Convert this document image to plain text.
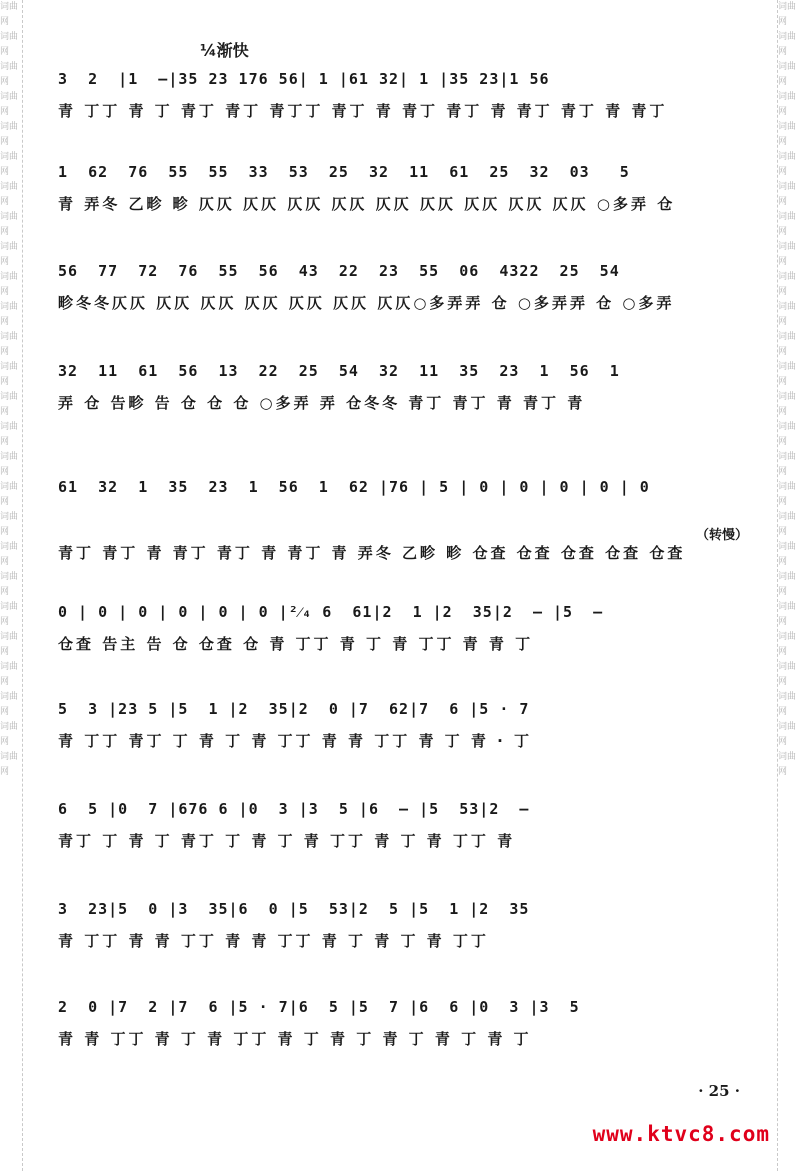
词曲网
词曲网
词曲网
词曲网
词曲网
词曲网
词曲网
词曲网
词曲网
词曲网
词曲网
词曲网
词曲网
词曲网
词曲网
词曲网
词曲网
词曲网
词曲网
词曲网
词曲网
词曲网
词曲网
词曲网
词曲网
词曲网
词曲网
词曲网
词曲网
词曲网
词曲网
词曲网
词曲网
词曲网
词曲网
词曲网
词曲网
词曲网
词曲网
词曲网
词曲网
词曲网
词曲网
词曲网
词曲网
词曲网
词曲网
词曲网
词曲网
词曲网
词曲网
词曲网
¼渐快
3  2  |1  —|35 23 176 56| 1 |61 32| 1 |35 23|1 56
青 丁丁 青 丁 青丁 青丁 青丁丁 青丁 青 青丁 青丁 青 青丁 青丁 青 青丁
1  62  76  55  55  33  53  25  32  11  61  25  32  03   5
青 弄冬 乙畛 畛 仄仄 仄仄 仄仄 仄仄 仄仄 仄仄 仄仄 仄仄 仄仄 ○多弄 仓
56  77  72  76  55  56  43  22  23  55  06  4322  25  54
畛冬冬仄仄 仄仄 仄仄 仄仄 仄仄 仄仄 仄仄○多弄弄 仓 ○多弄弄 仓 ○多弄
32  11  61  56  13  22  25  54  32  11  35  23  1  56  1
弄 仓 告畛 告 仓 仓 仓 ○多弄 弄 仓冬冬 青丁 青丁 青 青丁 青
61  32  1  35  23  1  56  1  62 |76 | 5 | 0 | 0 | 0 | 0 | 0
（转慢）
青丁 青丁 青 青丁 青丁 青 青丁 青 弄冬 乙畛 畛 仓査 仓査 仓査 仓査 仓査
0 | 0 | 0 | 0 | 0 | 0 |²⁄₄ 6  61|2  1 |2  35|2  — |5  —
仓査 告主 告 仓 仓査 仓 青 丁丁 青 丁 青 丁丁 青 青 丁
5  3 |23 5 |5  1 |2  35|2  0 |7  62|7  6 |5 · 7
青 丁丁 青丁 丁 青 丁 青 丁丁 青 青 丁丁 青 丁 青 · 丁
6  5 |0  7 |676 6 |0  3 |3  5 |6  — |5  53|2  —
青丁 丁 青 丁 青丁 丁 青 丁 青 丁丁 青 丁 青 丁丁 青
3  23|5  0 |3  35|6  0 |5  53|2  5 |5  1 |2  35
青 丁丁 青 青 丁丁 青 青 丁丁 青 丁 青 丁 青 丁丁
2  0 |7  2 |7  6 |5 · 7|6  5 |5  7 |6  6 |0  3 |3  5
青 青 丁丁 青 丁 青 丁丁 青 丁 青 丁 青 丁 青 丁 青 丁
· 25 ·
www.ktvc8.com
